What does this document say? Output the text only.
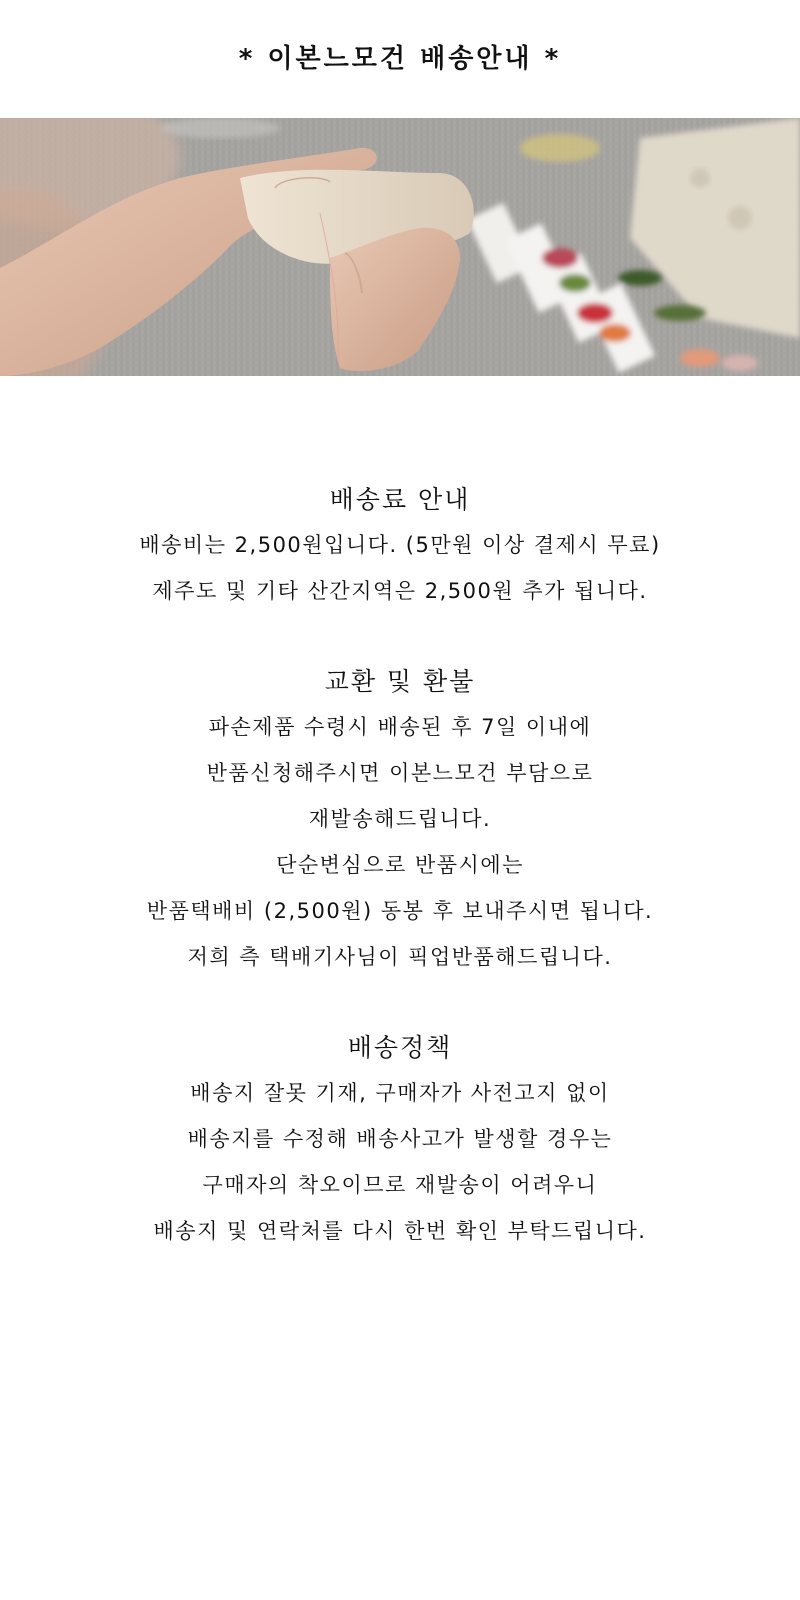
* 이본느모건 배송안내 *

배송료 안내

배송비는 2,500원입니다. (5만원 이상 결제시 무료)

제주도 및 기타 산간지역은 2,500원 추가 됩니다.

교환 및 환불

파손제품 수령시 배송된 후 7일 이내에

반품신청해주시면 이본느모건 부담으로

재발송해드립니다.

단순변심으로 반품시에는

반품택배비 (2,500원) 동봉 후 보내주시면 됩니다.

저희 측 택배기사님이 픽업반품해드립니다.

배송정책

배송지 잘못 기재, 구매자가 사전고지 없이

배송지를 수정해 배송사고가 발생할 경우는

구매자의 착오이므로 재발송이 어려우니

배송지 및 연락처를 다시 한번 확인 부탁드립니다.
